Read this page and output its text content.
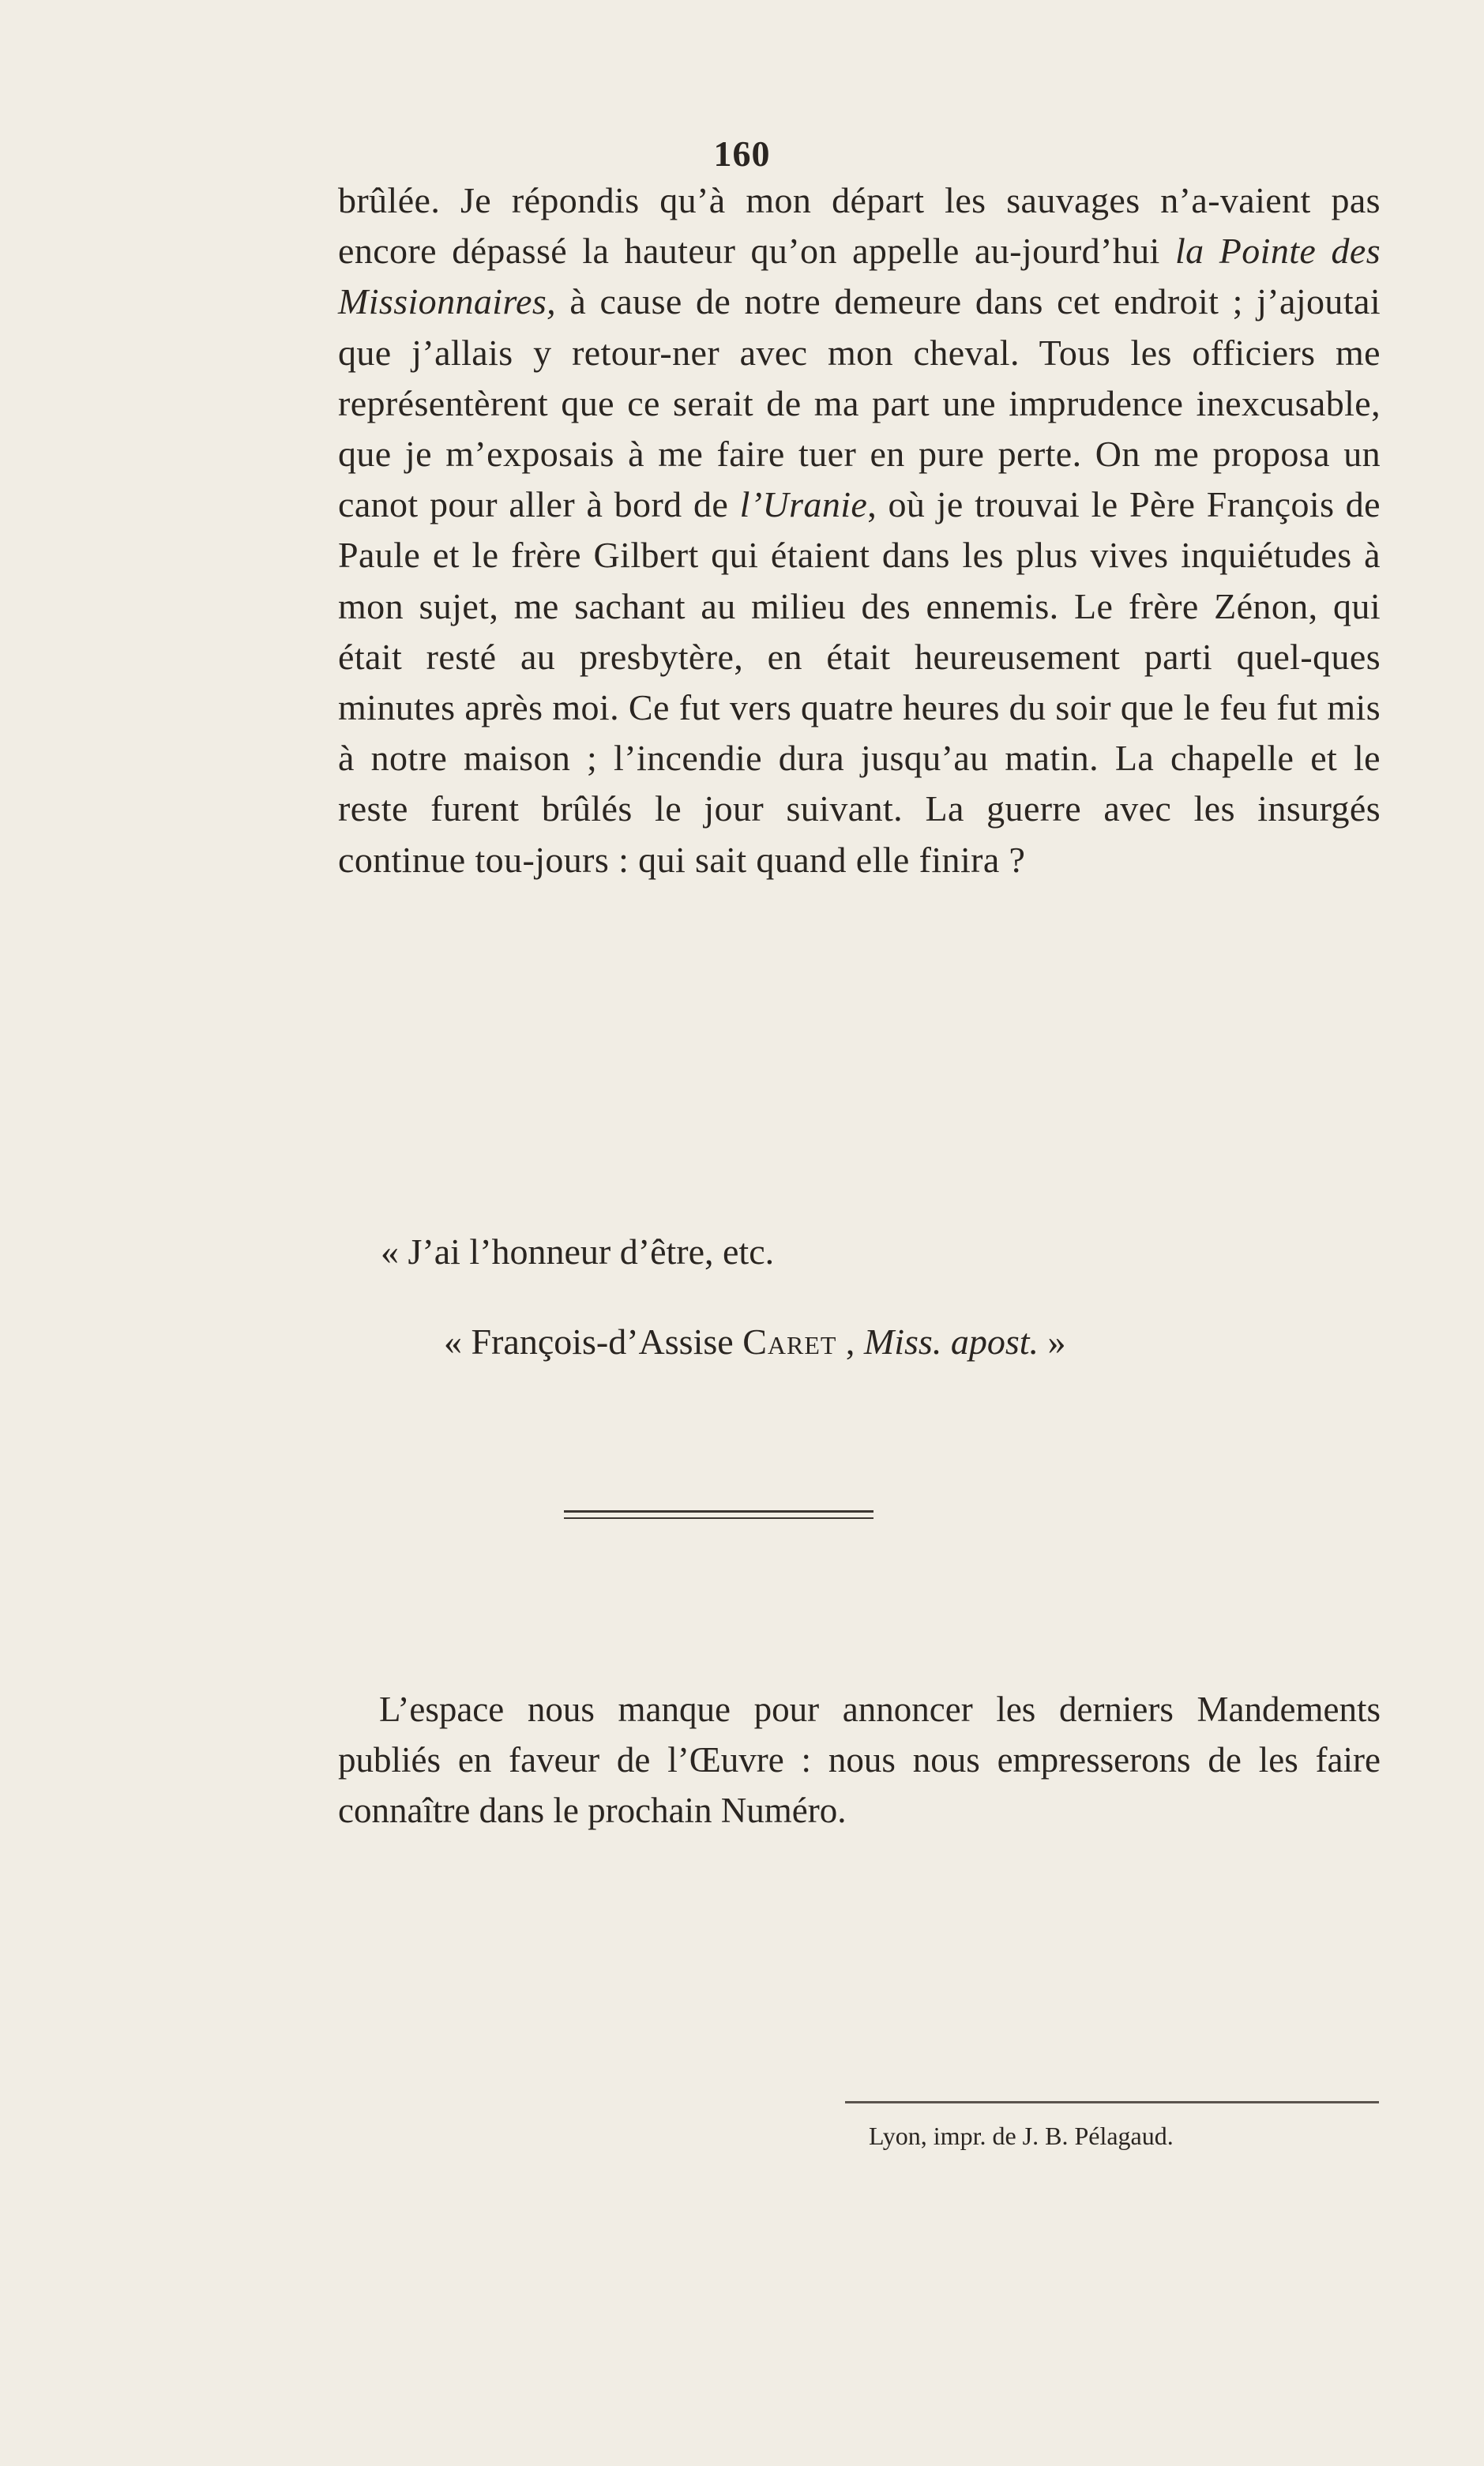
160

brûlée. Je répondis qu’à mon départ les sauvages n’a-vaient pas encore dépassé la hauteur qu’on appelle au-jourd’hui la Pointe des Missionnaires, à cause de notre demeure dans cet endroit ; j’ajoutai que j’allais y retour-ner avec mon cheval. Tous les officiers me représentèrent que ce serait de ma part une imprudence inexcusable, que je m’exposais à me faire tuer en pure perte. On me proposa un canot pour aller à bord de l’Uranie, où je trouvai le Père François de Paule et le frère Gilbert qui étaient dans les plus vives inquiétudes à mon sujet, me sachant au milieu des ennemis. Le frère Zénon, qui était resté au presbytère, en était heureusement parti quel-ques minutes après moi. Ce fut vers quatre heures du soir que le feu fut mis à notre maison ; l’incendie dura jusqu’au matin. La chapelle et le reste furent brûlés le jour suivant. La guerre avec les insurgés continue tou-jours : qui sait quand elle finira ?

« J’ai l’honneur d’être, etc.

« François-d’Assise Caret , Miss. apost. »

L’espace nous manque pour annoncer les derniers Mandements publiés en faveur de l’Œuvre : nous nous empresserons de les faire connaître dans le prochain Numéro.

Lyon, impr. de J. B. Pélagaud.
